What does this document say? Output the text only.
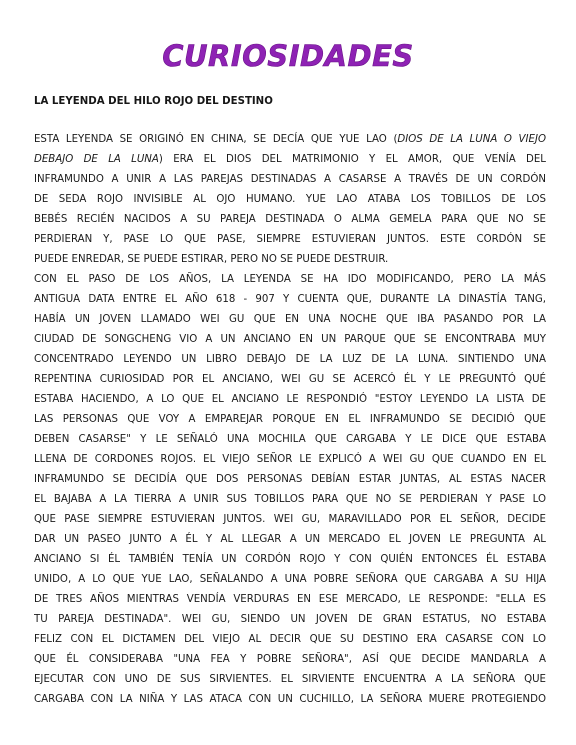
CURIOSIDADES
LA LEYENDA DEL HILO ROJO DEL DESTINO
ESTA LEYENDA SE ORIGINÓ EN CHINA, SE DECÍA QUE YUE LAO (DIOS DE LA LUNA O VIEJO
DEBAJO DE LA LUNA) ERA EL DIOS DEL MATRIMONIO Y EL AMOR, QUE VENÍA DEL
INFRAMUNDO A UNIR A LAS PAREJAS DESTINADAS A CASARSE A TRAVÉS DE UN CORDÓN
DE SEDA ROJO INVISIBLE AL OJO HUMANO. YUE LAO ATABA LOS TOBILLOS DE LOS
BEBÉS RECIÉN NACIDOS A SU PAREJA DESTINADA O ALMA GEMELA PARA QUE NO SE
PERDIERAN Y, PASE LO QUE PASE, SIEMPRE ESTUVIERAN JUNTOS. ESTE CORDÓN SE
PUEDE ENREDAR, SE PUEDE ESTIRAR, PERO NO SE PUEDE DESTRUIR.
CON EL PASO DE LOS AÑOS, LA LEYENDA SE HA IDO MODIFICANDO, PERO LA MÁS
ANTIGUA DATA ENTRE EL AÑO 618 - 907 Y CUENTA QUE, DURANTE LA DINASTÍA TANG,
HABÍA UN JOVEN LLAMADO WEI GU QUE EN UNA NOCHE QUE IBA PASANDO POR LA
CIUDAD DE SONGCHENG VIO A UN ANCIANO EN UN PARQUE QUE SE ENCONTRABA MUY
CONCENTRADO LEYENDO UN LIBRO DEBAJO DE LA LUZ DE LA LUNA. SINTIENDO UNA
REPENTINA CURIOSIDAD POR EL ANCIANO, WEI GU SE ACERCÓ ÉL Y LE PREGUNTÓ QUÉ
ESTABA HACIENDO, A LO QUE EL ANCIANO LE RESPONDIÓ "ESTOY LEYENDO LA LISTA DE
LAS PERSONAS QUE VOY A EMPAREJAR PORQUE EN EL INFRAMUNDO SE DECIDIÓ QUE
DEBEN CASARSE" Y LE SEÑALÓ UNA MOCHILA QUE CARGABA Y LE DICE QUE ESTABA
LLENA DE CORDONES ROJOS. EL VIEJO SEÑOR LE EXPLICÓ A WEI GU QUE CUANDO EN EL
INFRAMUNDO SE DECIDÍA QUE DOS PERSONAS DEBÍAN ESTAR JUNTAS, AL ESTAS NACER
EL BAJABA A LA TIERRA A UNIR SUS TOBILLOS PARA QUE NO SE PERDIERAN Y PASE LO
QUE PASE SIEMPRE ESTUVIERAN JUNTOS. WEI GU, MARAVILLADO POR EL SEÑOR, DECIDE
DAR UN PASEO JUNTO A ÉL Y AL LLEGAR A UN MERCADO EL JOVEN LE PREGUNTA AL
ANCIANO SI ÉL TAMBIÉN TENÍA UN CORDÓN ROJO Y CON QUIÉN ENTONCES ÉL ESTABA
UNIDO, A LO QUE YUE LAO, SEÑALANDO A UNA POBRE SEÑORA QUE CARGABA A SU HIJA
DE TRES AÑOS MIENTRAS VENDÍA VERDURAS EN ESE MERCADO, LE RESPONDE: "ELLA ES
TU PAREJA DESTINADA". WEI GU, SIENDO UN JOVEN DE GRAN ESTATUS, NO ESTABA
FELIZ CON EL DICTAMEN DEL VIEJO AL DECIR QUE SU DESTINO ERA CASARSE CON LO
QUE ÉL CONSIDERABA "UNA FEA Y POBRE SEÑORA", ASÍ QUE DECIDE MANDARLA A
EJECUTAR CON UNO DE SUS SIRVIENTES. EL SIRVIENTE ENCUENTRA A LA SEÑORA QUE
CARGABA CON LA NIÑA Y LAS ATACA CON UN CUCHILLO, LA SEÑORA MUERE PROTEGIENDO
